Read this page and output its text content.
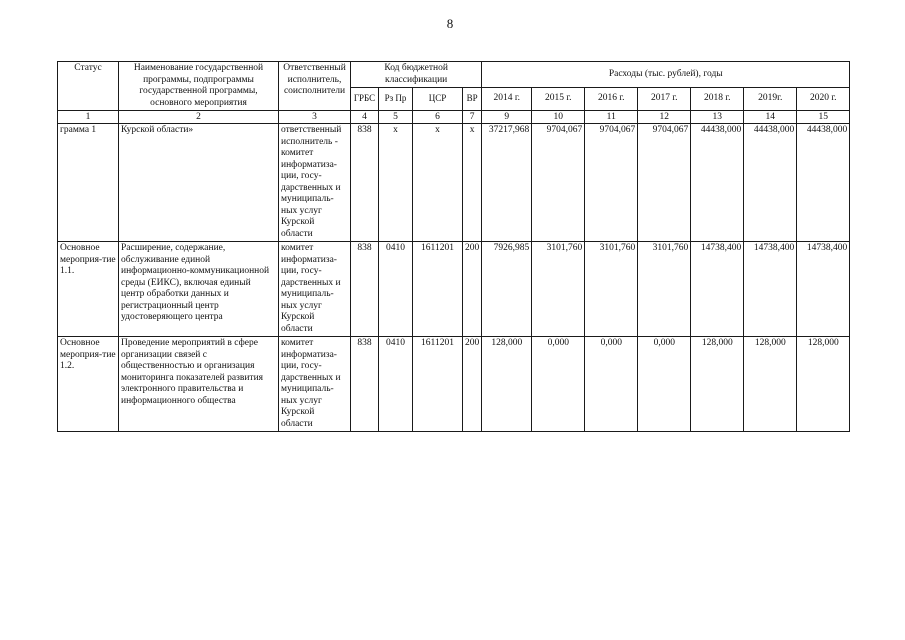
8
Статус	Наименование государственной программы, подпрограммы государственной программы, основного мероприятия	Ответственный исполнитель, соисполнители	Код бюджетной классификации				Расходы (тыс. рублей), годы						
			ГРБС	Рз Пр	ЦСР	ВР	2014 г.	2015 г.	2016 г.	2017 г.	2018 г.	2019г.	2020 г.

1	2	3	4	5	6	7	9	10	11	12	13	14	15
грамма 1	Курской области»	ответственный исполнитель - комитет информатиза-ции, госу-дарственных и муниципаль-ных услуг Курской области	838	х	х	х	37217,968	9704,067	9704,067	9704,067	44438,000	44438,000	44438,000
Основное мероприя-тие 1.1.	Расширение, содержание, обслуживание единой информационно-коммуникационной среды (ЕИКС), включая единый центр обработки данных и регистрационный центр удостоверяющего центра	комитет информатиза-ции, госу-дарственных и муниципаль-ных услуг Курской области	838	0410	1611201	200	7926,985	3101,760	3101,760	3101,760	14738,400	14738,400	14738,400
Основное мероприя-тие 1.2.	Проведение мероприятий в сфере организации связей с общественностью и организация мониторинга показателей развития электронного правительства и информационного общества	комитет информатиза-ции, госу-дарственных и муниципаль-ных услуг Курской области	838	0410	1611201	200	128,000	0,000	0,000	0,000	128,000	128,000	128,000
